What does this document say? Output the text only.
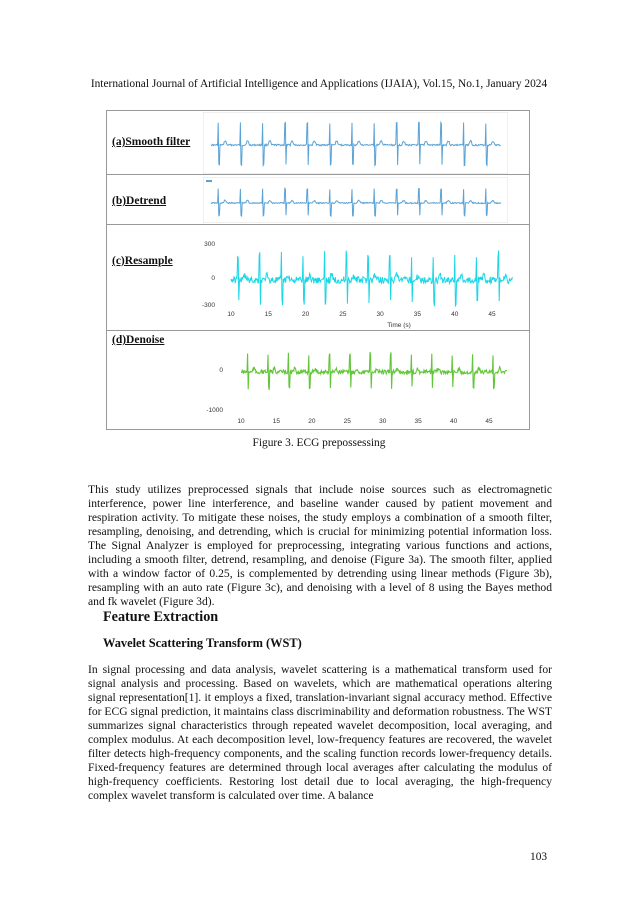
International Journal of Artificial Intelligence and Applications (IJAIA), Vol.15, No.1, January 2024
(a)Smooth filter
(b)Detrend
(c)Resample
300
0
-300
10	15	20	25	30	35	40	45
Time (s)
(d)Denoise
0
-1000
10	15	20	25	30	35	40	45
Figure 3. ECG prepossessing

This study utilizes preprocessed signals that include noise sources such as electromagnetic interference, power line interference, and baseline wander caused by patient movement and respiration activity. To mitigate these noises, the study employs a combination of a smooth filter, resampling, denoising, and detrending, which is crucial for minimizing potential information loss. The Signal Analyzer is employed for preprocessing, integrating various functions and actions, including a smooth filter, detrend, resampling, and denoise (Figure 3a). The smooth filter, applied with a window factor of 0.25, is complemented by detrending using linear methods (Figure 3b), resampling with an auto rate (Figure 3c), and denoising with a level of 8 using the Bayes method and fk wavelet (Figure 3d).

Feature Extraction
Wavelet Scattering Transform (WST)

In signal processing and data analysis, wavelet scattering is a mathematical transform used for signal analysis and processing. Based on wavelets, which are mathematical operations altering signal representation[1]. it employs a fixed, translation-invariant signal accuracy method. Effective for ECG signal prediction, it maintains class discriminability and deformation robustness. The WST summarizes signal characteristics through repeated wavelet decomposition, local averaging, and complex modulus. At each decomposition level, low-frequency features are recovered, the wavelet filter detects high-frequency components, and the scaling function records lower-frequency details. Fixed-frequency features are determined through local averages after calculating the modulus of high-frequency coefficients. Restoring lost detail due to local averaging, the high-frequency complex wavelet transform is calculated over time. A balance

103
